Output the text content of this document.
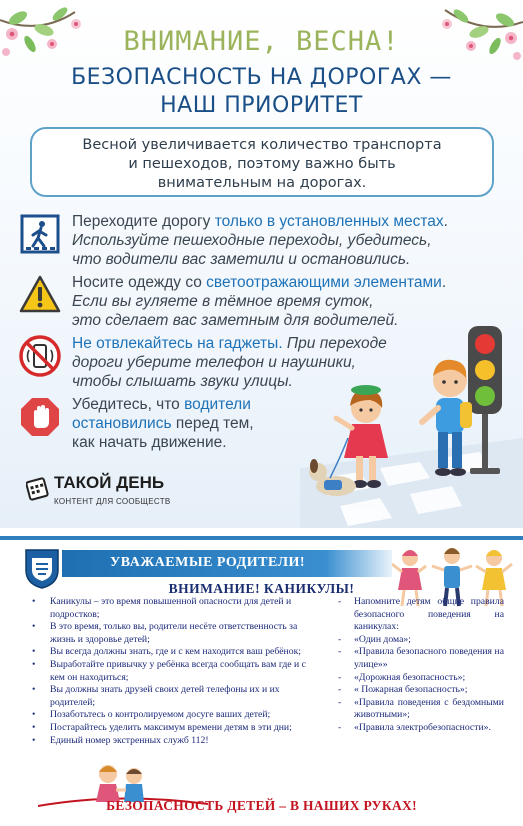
ВНИМАНИЕ, ВЕСНА!
БЕЗОПАСНОСТЬ НА ДОРОГАХ —
НАШ ПРИОРИТЕТ
Весной увеличивается количество транспорта
и пешеходов, поэтому важно быть
внимательным на дорогах.
Переходите дорогу только в установленных местах.
Используйте пешеходные переходы, убедитесь,
что водители вас заметили и остановились.
Носите одежду со светоотражающими элементами.
Если вы гуляете в тёмное время суток,
это сделает вас заметным для водителей.
Не отвлекайтесь на гаджеты. При переходе
дороги уберите телефон и наушники,
чтобы слышать звуки улицы.
Убедитесь, что водители
остановились перед тем,
как начать движение.
ТАКОЙ ДЕНЬ
КОНТЕНТ ДЛЯ СООБЩЕСТВ
УВАЖАЕМЫЕ РОДИТЕЛИ!
ВНИМАНИЕ! КАНИКУЛЫ!
• Каникулы – это время повышенной опасности для детей и подростков;
• В это время, только вы, родители несёте ответственность за жизнь и здоровье детей;
• Вы всегда должны знать, где и с кем находится ваш ребёнок;
• Выработайте привычку у ребёнка всегда сообщать вам где и с кем он находиться;
• Вы должны знать друзей своих детей телефоны их и их родителей;
• Позаботьтесь о контролируемом досуге ваших детей;
• Постарайтесь уделить максимум времени детям в эти дни;
• Единый номер экстренных служб 112!
- Напомните детям общие правила безопасного поведения на каникулах:
- «Один дома»;
- «Правила безопасного поведения на улице»»
- «Дорожная безопасность»;
- « Пожарная безопасность»;
- «Правила поведения с бездомными животными»;
- «Правила электробезопасности».
БЕЗОПАСНОСТЬ ДЕТЕЙ – В НАШИХ РУКАХ!
